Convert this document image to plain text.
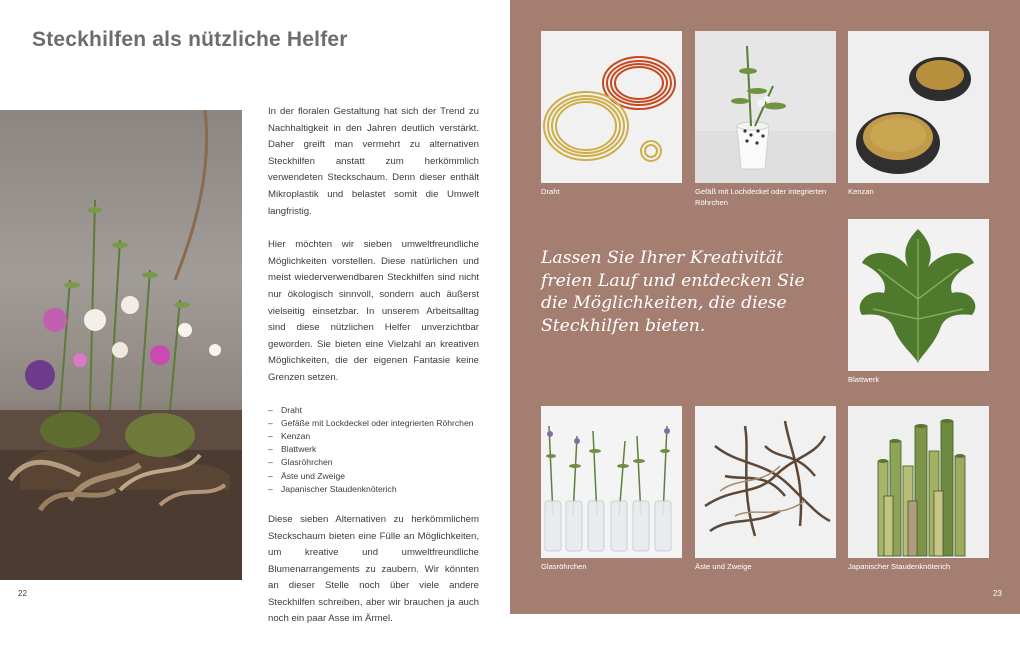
Steckhilfen als nützliche Helfer

In der floralen Gestaltung hat sich der Trend zu Nachhaltigkeit in den Jahren deutlich verstärkt. Daher greift man vermehrt zu alternativen Steckhilfen anstatt zum herkömmlich verwendeten Steckschaum. Denn dieser enthält Mikroplastik und belastet somit die Umwelt langfristig.

Hier möchten wir sieben umweltfreundliche Möglichkeiten vorstellen. Diese natürlichen und meist wiederverwendbaren Steckhilfen sind nicht nur ökologisch sinnvoll, sondern auch äußerst vielseitig einsetzbar. In unserem Arbeitsalltag sind diese nützlichen Helfer unverzichtbar geworden. Sie bieten eine Vielzahl an kreativen Möglichkeiten, die der eigenen Fantasie keine Grenzen setzen.

– Draht
– Gefäße mit Lockdeckel oder integrierten Röhrchen
– Kenzan
– Blattwerk
– Glasröhrchen
– Äste und Zweige
– Japanischer Staudenknöterich

Diese sieben Alternativen zu herkömmlichem Steckschaum bieten eine Fülle an Möglichkeiten, um kreative und umweltfreundliche Blumenarrangements zu zaubern. Wir könnten an dieser Stelle noch über viele andere Steckhilfen schreiben, aber wir brauchen ja auch noch ein paar Asse im Ärmel.

22
Draht	Gefäß mit Lochdeckel oder integrierten Röhrchen
Kenzan
Lassen Sie Ihrer Kreativität freien Lauf und entdecken Sie die Möglichkeiten, die diese Steckhilfen bieten.
Blattwerk
Glasröhrchen	Äste und Zweige	Japanischer Staudenknöterich
23
